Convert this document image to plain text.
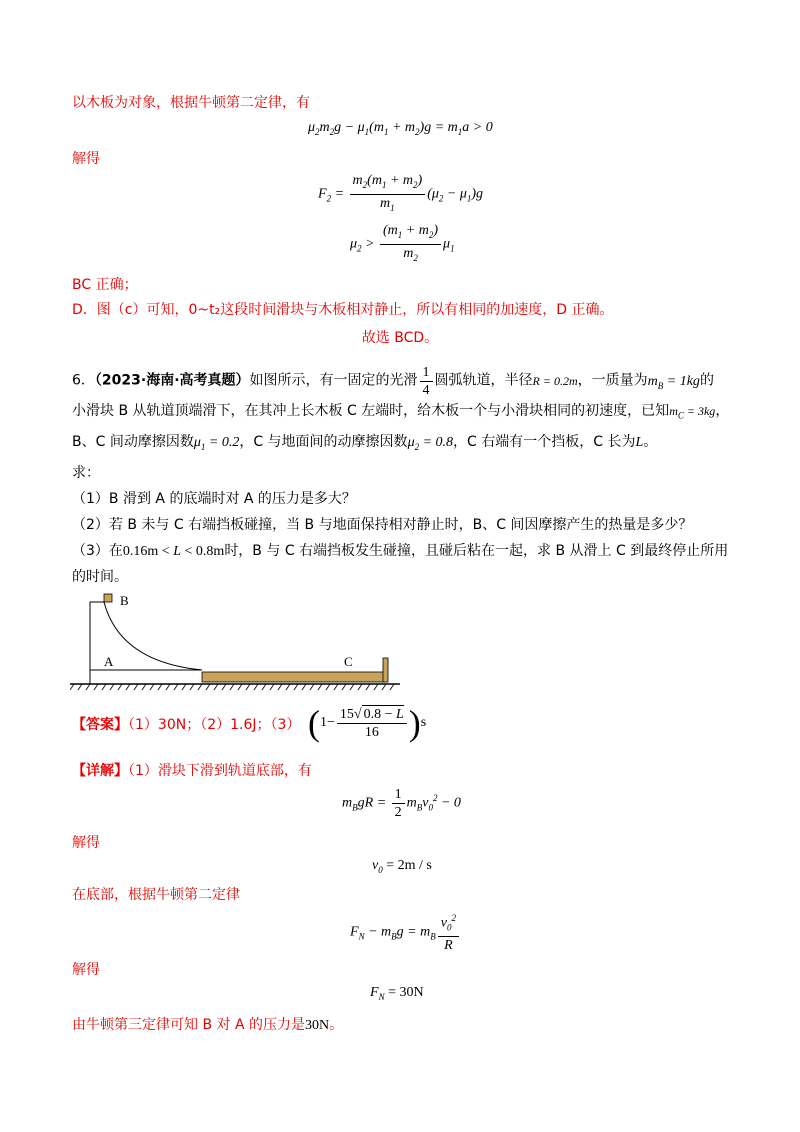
以木板为对象，根据牛顿第二定律，有
$\mu_2m_2g - \mu_1(m_1 + m_2)g = m_1a > 0$
解得
$F_2 = \frac{m_2(m_1 + m_2)}{m_1} (\mu_2 - \mu_1)g$
$\mu_2 > \frac{(m_1 + m_2)}{m_2} \mu_1$
BC 正确；
D．图（c）可知，0~t₂这段时间滑块与木板相对静止，所以有相同的加速度，D 正确。
故选 BCD。
6．（2023·海南·高考真题）如图所示，有一固定的光滑 $\frac{1}{4}$ 圆弧轨道，半径R = 0.2m，一质量为$m_B = 1kg$的
小滑块 B 从轨道顶端滑下，在其冲上长木板 C 左端时，给木板一个与小滑块相同的初速度，已知$m_C = 3kg$，
B、C 间动摩擦因数$\mu_1 = 0.2$，C 与地面间的动摩擦因数$\mu_2 = 0.8$，C 右端有一个挡板，C 长为L。
求：
（1）B 滑到 A 的底端时对 A 的压力是多大？
（2）若 B 未与 C 右端挡板碰撞，当 B 与地面保持相对静止时，B、C 间因摩擦产生的热量是多少？
（3）在0.16m < L < 0.8m时，B 与 C 右端挡板发生碰撞，且碰后粘在一起，求 B 从滑上 C 到最终停止所用
的时间。
B
A	C
【答案】（1）30N；（2）1.6J；（3） $(1- \frac{15√ 0.8 - L}{16} )s$
【详解】（1）滑块下滑到轨道底部，有
$m_BgR = \frac{1}{2} m_Bv_0^2 - 0$
解得
$v_0 = 2m / s$
在底部，根据牛顿第二定律
$F_N - m_Bg = m_B \frac{v_0^2}{R}$
解得
$F_N = 30N$
由牛顿第三定律可知 B 对 A 的压力是30N。
